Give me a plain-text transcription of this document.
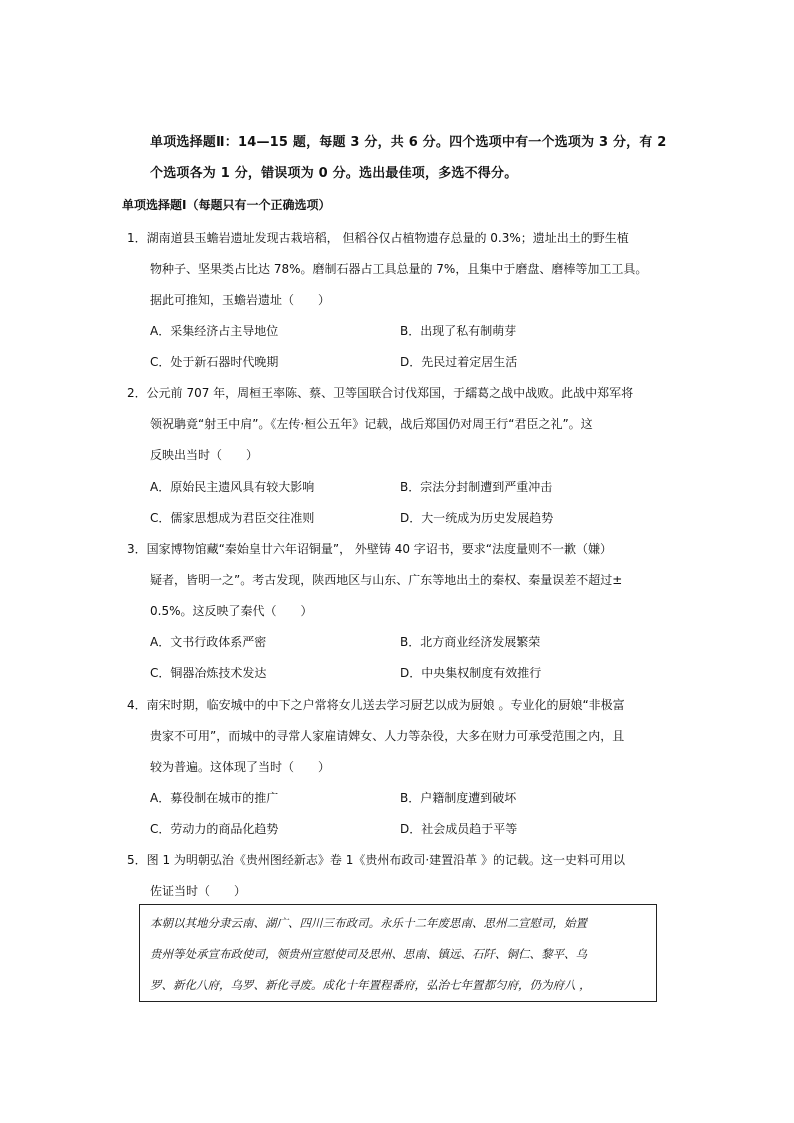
单项选择题Ⅱ：14—15 题，每题 3 分，共 6 分。四个选项中有一个选项为 3 分，有 2
个选项各为 1 分，错误项为 0 分。选出最佳项，多选不得分。
单项选择题Ⅰ（每题只有一个正确选项）
1．湖南道县玉蟾岩遗址发现古栽培稻， 但稻谷仅占植物遗存总量的 0.3%；遗址出土的野生植
物种子、坚果类占比达 78%。磨制石器占工具总量的 7%，且集中于磨盘、磨棒等加工工具。
据此可推知，玉蟾岩遗址（　　）
A．采集经济占主导地位	B．出现了私有制萌芽
C．处于新石器时代晚期	D．先民过着定居生活
2．公元前 707 年，周桓王率陈、蔡、卫等国联合讨伐郑国，于繻葛之战中战败。此战中郑军将
领祝聃竟“射王中肩”。《左传·桓公五年》记载，战后郑国仍对周王行“君臣之礼”。这
反映出当时（　　）
A．原始民主遗风具有较大影响	B．宗法分封制遭到严重冲击
C．儒家思想成为君臣交往准则	D．大一统成为历史发展趋势
3．国家博物馆藏“秦始皇廿六年诏铜量”， 外壁铸 40 字诏书，要求“法度量则不一歉（嫌）
疑者，皆明一之”。考古发现，陕西地区与山东、广东等地出土的秦权、秦量误差不超过±
0.5%。这反映了秦代（　　）
A．文书行政体系严密	B．北方商业经济发展繁荣
C．铜器冶炼技术发达	D．中央集权制度有效推行
4．南宋时期，临安城中的中下之户常将女儿送去学习厨艺以成为厨娘 。专业化的厨娘“非极富
贵家不可用”，而城中的寻常人家雇请婢女、人力等杂役，大多在财力可承受范围之内，且
较为普遍。这体现了当时（　　）
A．募役制在城市的推广	B．户籍制度遭到破坏
C．劳动力的商品化趋势	D．社会成员趋于平等
5．图 1 为明朝弘治《贵州图经新志》卷 1《贵州布政司·建置沿革 》的记载。这一史料可用以
佐证当时（　　）
本朝以其地分隶云南、湖广、四川三布政司。永乐十二年废思南、思州二宣慰司，始置
贵州等处承宣布政使司，领贵州宣慰使司及思州、思南、镇远、石阡、铜仁、黎平、乌
罗、新化八府，乌罗、新化寻废。成化十年置程番府，弘治七年置都匀府，仍为府八 ，
